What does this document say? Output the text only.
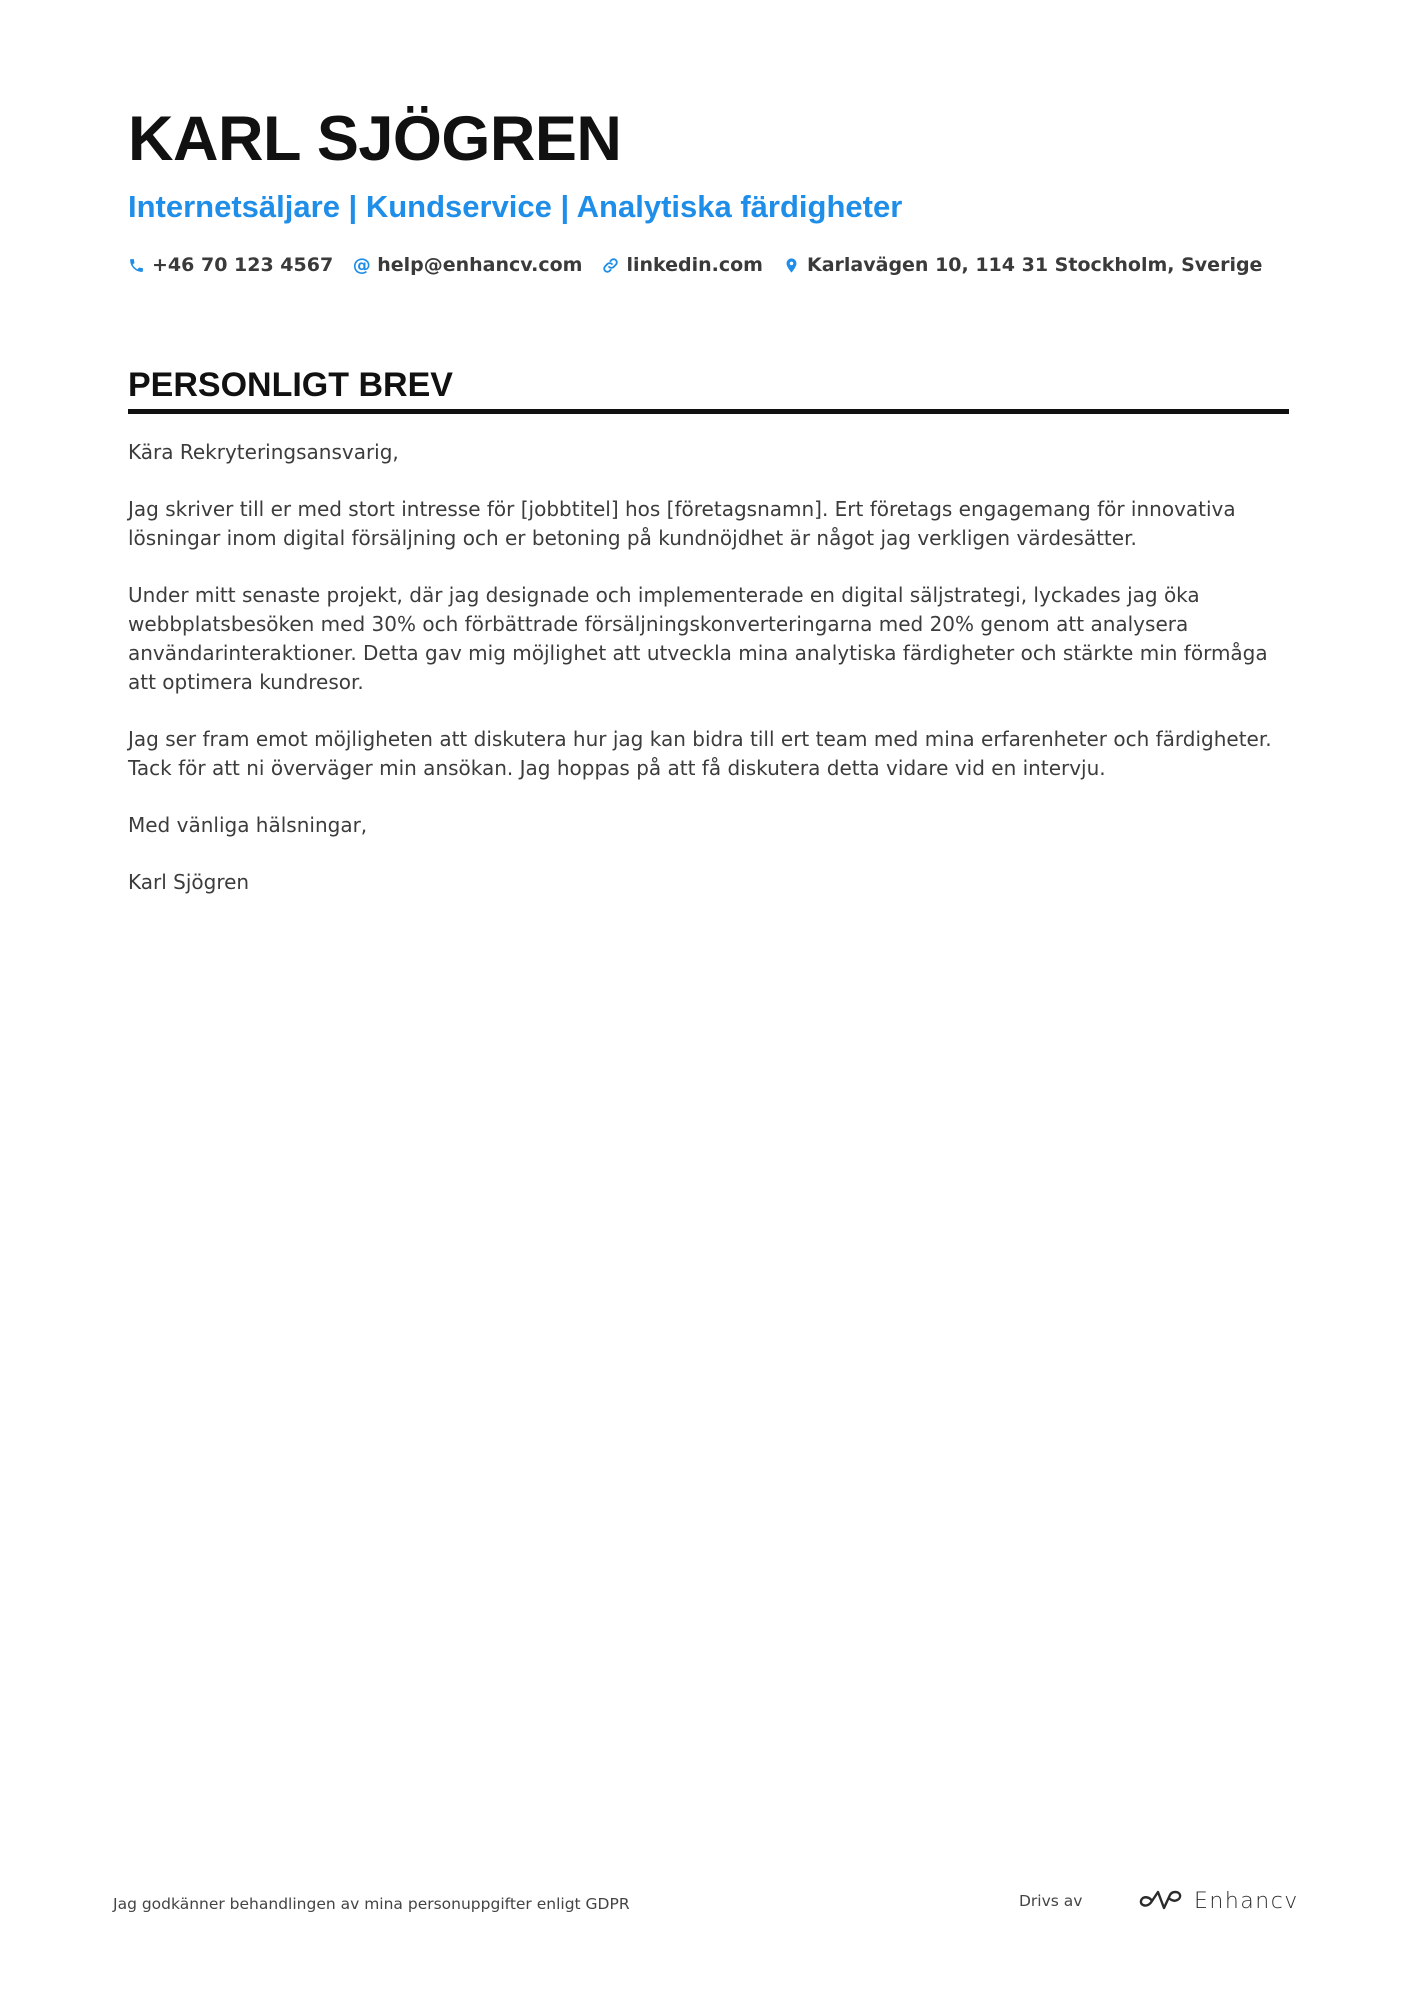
KARL SJÖGREN
Internetsäljare | Kundservice | Analytiska färdigheter
+46 70 123 4567 @ help@enhancv.com linkedin.com Karlavägen 10, 114 31 Stockholm, Sverige
PERSONLIGT BREV

Kära Rekryteringsansvarig,

Jag skriver till er med stort intresse för [jobbtitel] hos [företagsnamn]. Ert företags engagemang för innovativa lösningar inom digital försäljning och er betoning på kundnöjdhet är något jag verkligen värdesätter.

Under mitt senaste projekt, där jag designade och implementerade en digital säljstrategi, lyckades jag öka webbplatsbesöken med 30% och förbättrade försäljningskonverteringarna med 20% genom att analysera användarinteraktioner. Detta gav mig möjlighet att utveckla mina analytiska färdigheter och stärkte min förmåga att optimera kundresor.

Jag ser fram emot möjligheten att diskutera hur jag kan bidra till ert team med mina erfarenheter och färdigheter. Tack för att ni överväger min ansökan. Jag hoppas på att få diskutera detta vidare vid en intervju.

Med vänliga hälsningar,

Karl Sjögren

Jag godkänner behandlingen av mina personuppgifter enligt GDPR	Drivs av	Enhancv
